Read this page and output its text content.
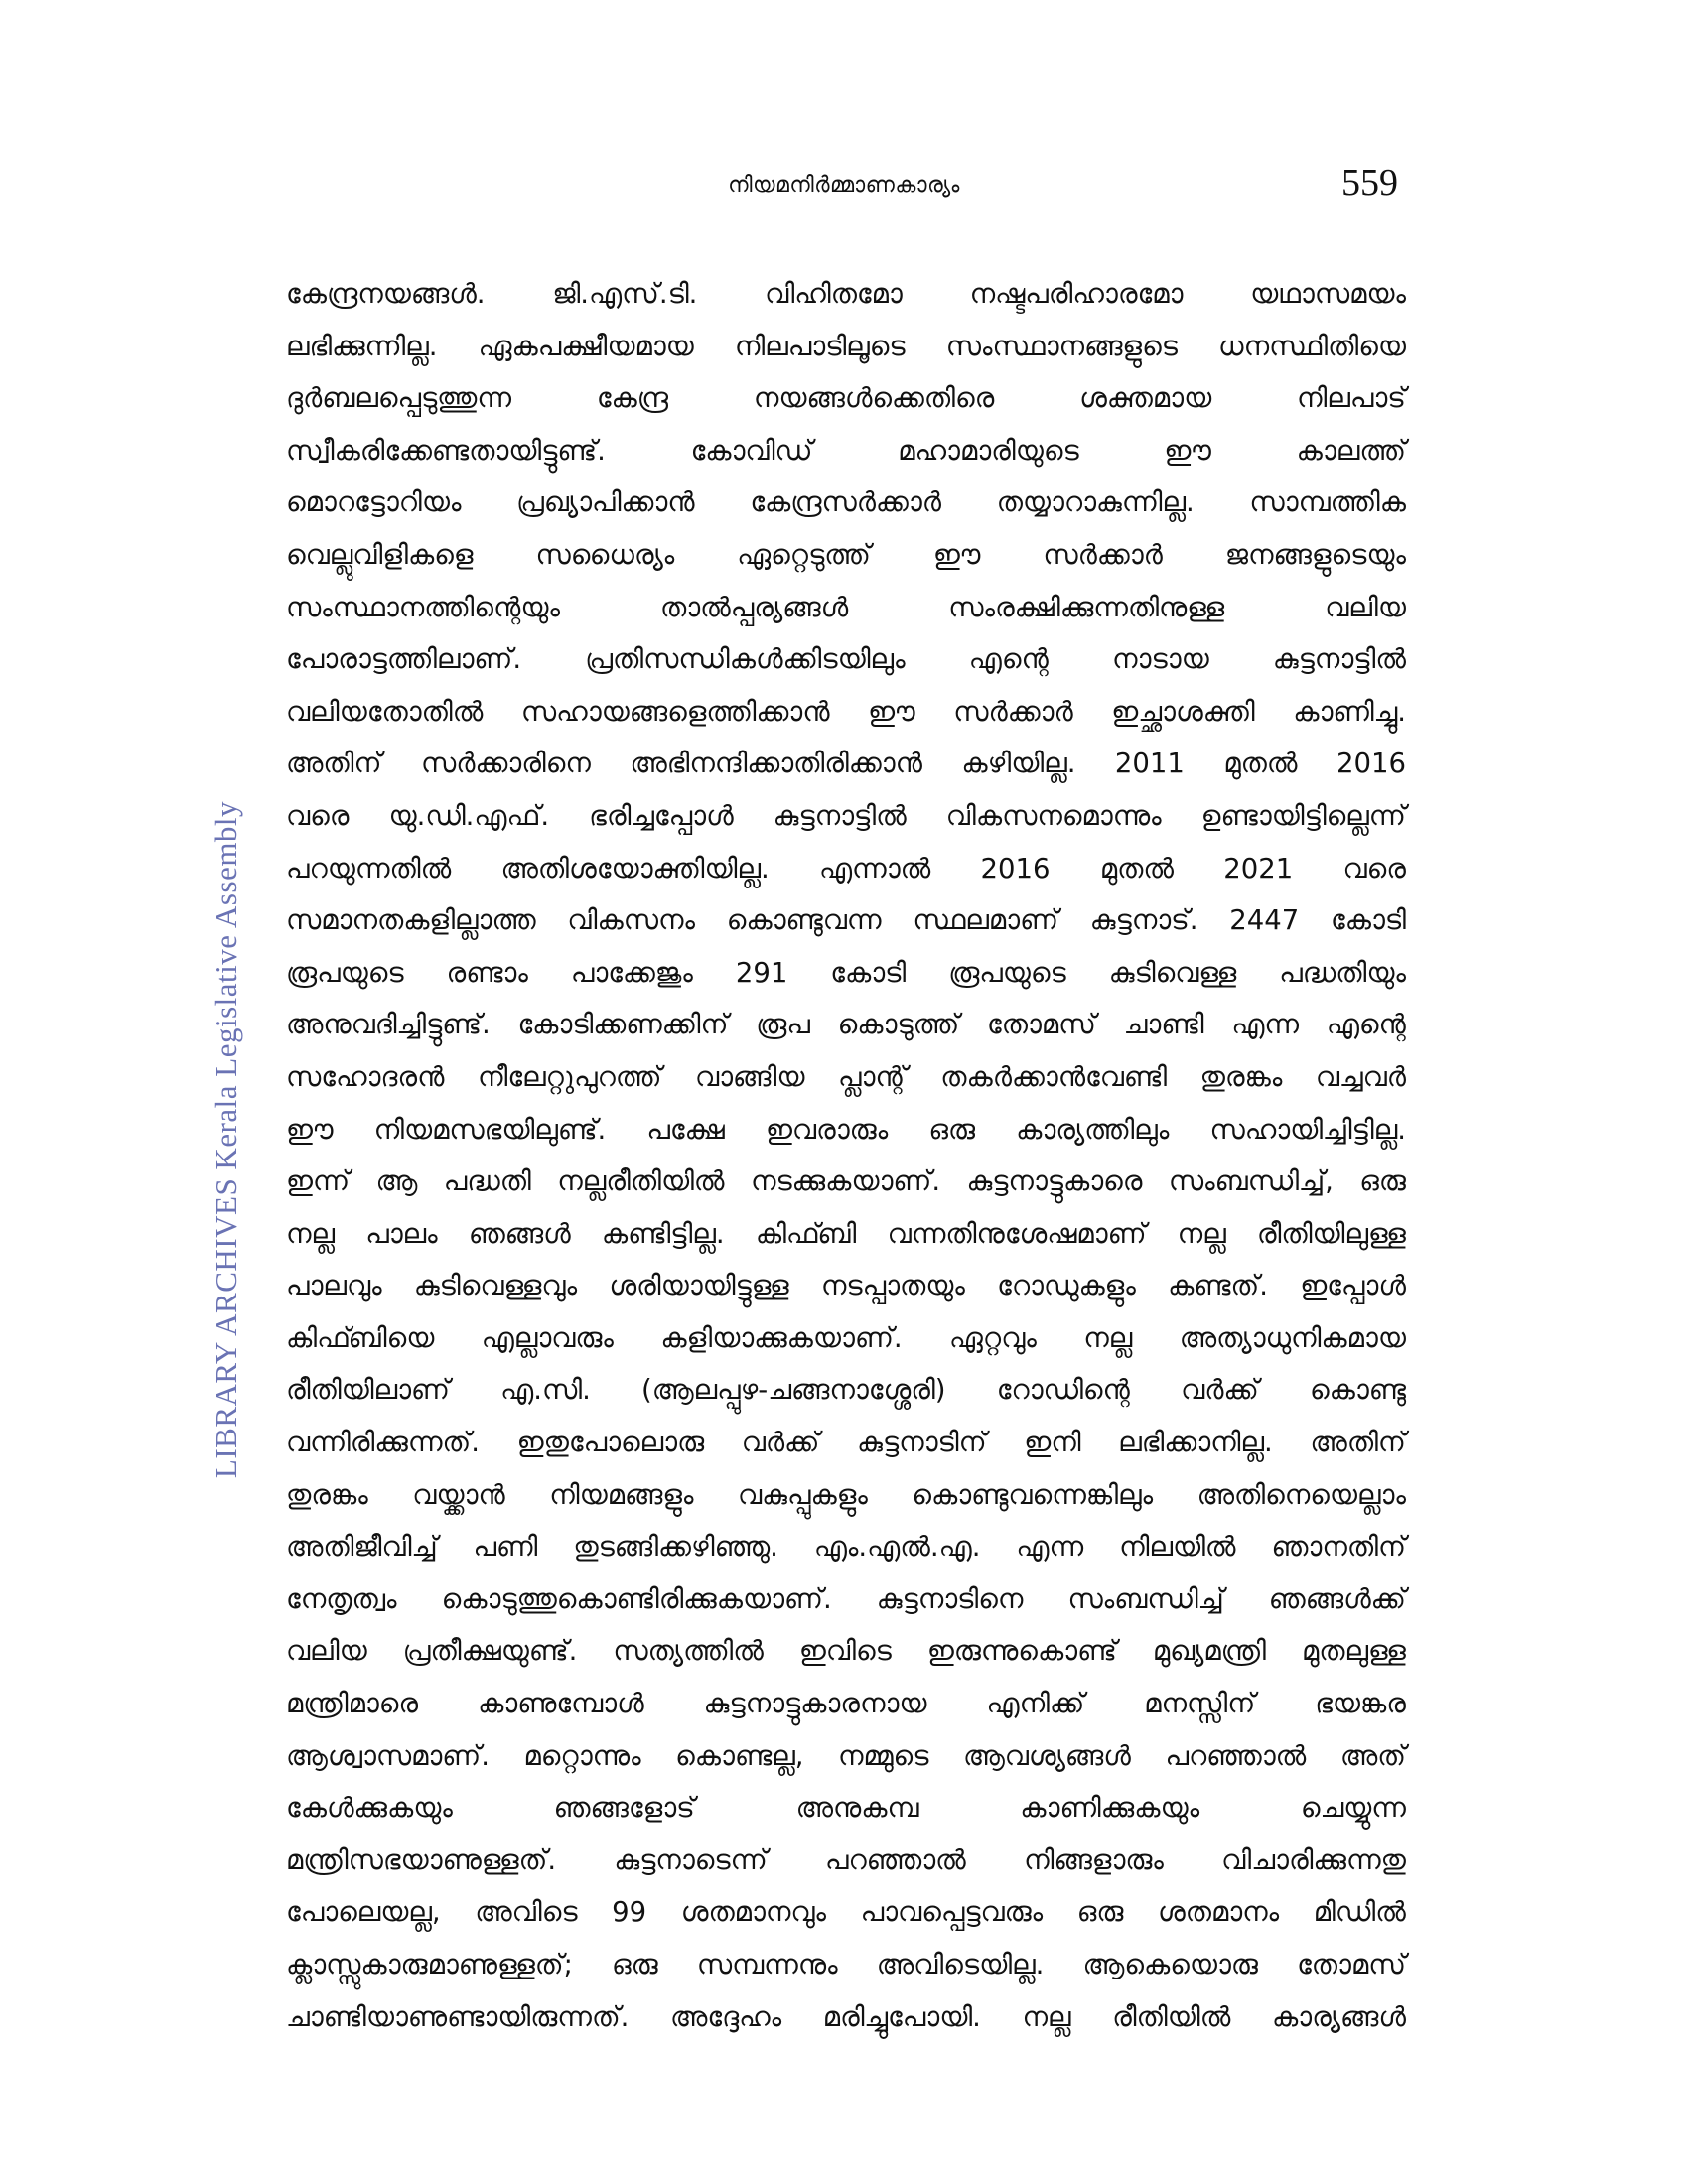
നിയമനിർമ്മാണകാര്യം	559
LIBRARY ARCHIVES Kerala Legislative Assembly
കേന്ദ്രനയങ്ങൾ. ജി.എസ്.ടി. വിഹിതമോ നഷ്ടപരിഹാരമോ യഥാസമയം
ലഭിക്കുന്നില്ല. ഏകപക്ഷീയമായ നിലപാടിലൂടെ സംസ്ഥാനങ്ങളുടെ ധനസ്ഥിതിയെ
ദുർബലപ്പെടുത്തുന്ന	കേന്ദ്ര	നയങ്ങൾക്കെതിരെ	ശക്തമായ	നിലപാട്
സ്വീകരിക്കേണ്ടതായിട്ടുണ്ട്.	കോവിഡ്	മഹാമാരിയുടെ	ഈ	കാലത്ത്
മൊറട്ടോറിയം പ്രഖ്യാപിക്കാൻ കേന്ദ്രസർക്കാർ തയ്യാറാകുന്നില്ല. സാമ്പത്തിക
വെല്ലുവിളികളെ സധൈര്യം ഏറ്റെടുത്ത് ഈ സർക്കാർ ജനങ്ങളുടെയും
സംസ്ഥാനത്തിന്റെയും	താൽപ്പര്യങ്ങൾ	സംരക്ഷിക്കുന്നതിനുള്ള	വലിയ
പോരാട്ടത്തിലാണ്. പ്രതിസന്ധികൾക്കിടയിലും എന്റെ നാടായ കുട്ടനാട്ടിൽ
വലിയതോതിൽ സഹായങ്ങളെത്തിക്കാൻ ഈ സർക്കാർ ഇച്ഛാശക്തി കാണിച്ചു.
അതിന് സർക്കാരിനെ അഭിനന്ദിക്കാതിരിക്കാൻ കഴിയില്ല. 2011 മുതൽ 2016
വരെ യു.ഡി.എഫ്. ഭരിച്ചപ്പോൾ കുട്ടനാട്ടിൽ വികസനമൊന്നും ഉണ്ടായിട്ടില്ലെന്ന്
പറയുന്നതിൽ അതിശയോക്തിയില്ല. എന്നാൽ 2016 മുതൽ 2021 വരെ
സമാനതകളില്ലാത്ത വികസനം കൊണ്ടുവന്ന സ്ഥലമാണ് കുട്ടനാട്. 2447 കോടി
രൂപയുടെ രണ്ടാം പാക്കേജും 291 കോടി രൂപയുടെ കുടിവെള്ള പദ്ധതിയും
അനുവദിച്ചിട്ടുണ്ട്. കോടിക്കണക്കിന് രൂപ കൊടുത്ത് തോമസ് ചാണ്ടി എന്ന എന്റെ
സഹോദരൻ നീലേറ്റുപുറത്ത് വാങ്ങിയ പ്ലാന്റ് തകർക്കാൻവേണ്ടി തുരങ്കം വച്ചവർ
ഈ നിയമസഭയിലുണ്ട്. പക്ഷേ ഇവരാരും ഒരു കാര്യത്തിലും സഹായിച്ചിട്ടില്ല.
ഇന്ന് ആ പദ്ധതി നല്ലരീതിയിൽ നടക്കുകയാണ്. കുട്ടനാട്ടുകാരെ സംബന്ധിച്ച്, ഒരു
നല്ല പാലം ഞങ്ങൾ കണ്ടിട്ടില്ല. കിഫ്ബി വന്നതിനുശേഷമാണ് നല്ല രീതിയിലുള്ള
പാലവും കുടിവെള്ളവും ശരിയായിട്ടുള്ള നടപ്പാതയും റോഡുകളും കണ്ടത്. ഇപ്പോൾ
കിഫ്ബിയെ എല്ലാവരും കളിയാക്കുകയാണ്. ഏറ്റവും നല്ല അത്യാധുനികമായ
രീതിയിലാണ് എ.സി. (ആലപ്പുഴ-ചങ്ങനാശ്ശേരി) റോഡിന്റെ വർക്ക് കൊണ്ടു
വന്നിരിക്കുന്നത്. ഇതുപോലൊരു വർക്ക് കുട്ടനാടിന് ഇനി ലഭിക്കാനില്ല. അതിന്
തുരങ്കം വയ്ക്കാൻ നിയമങ്ങളും വകുപ്പുകളും കൊണ്ടുവന്നെങ്കിലും അതിനെയെല്ലാം
അതിജീവിച്ച് പണി തുടങ്ങിക്കഴിഞ്ഞു. എം.എൽ.എ. എന്ന നിലയിൽ ഞാനതിന്
നേതൃത്വം കൊടുത്തുകൊണ്ടിരിക്കുകയാണ്. കുട്ടനാടിനെ സംബന്ധിച്ച് ഞങ്ങൾക്ക്
വലിയ പ്രതീക്ഷയുണ്ട്. സത്യത്തിൽ ഇവിടെ ഇരുന്നുകൊണ്ട് മുഖ്യമന്ത്രി മുതലുള്ള
മന്ത്രിമാരെ കാണുമ്പോൾ കുട്ടനാട്ടുകാരനായ എനിക്ക് മനസ്സിന് ഭയങ്കര
ആശ്വാസമാണ്. മറ്റൊന്നും കൊണ്ടല്ല, നമ്മുടെ ആവശ്യങ്ങൾ പറഞ്ഞാൽ അത്
കേൾക്കുകയും	ഞങ്ങളോട്	അനുകമ്പ	കാണിക്കുകയും	ചെയ്യുന്ന
മന്ത്രിസഭയാണുള്ളത്. കുട്ടനാടെന്ന് പറഞ്ഞാൽ നിങ്ങളാരും വിചാരിക്കുന്നതു
പോലെയല്ല, അവിടെ 99 ശതമാനവും പാവപ്പെട്ടവരും ഒരു ശതമാനം മിഡിൽ
ക്ലാസ്സുകാരുമാണുള്ളത്; ഒരു സമ്പന്നനും അവിടെയില്ല. ആകെയൊരു തോമസ്
ചാണ്ടിയാണുണ്ടായിരുന്നത്. അദ്ദേഹം മരിച്ചുപോയി. നല്ല രീതിയിൽ കാര്യങ്ങൾ
